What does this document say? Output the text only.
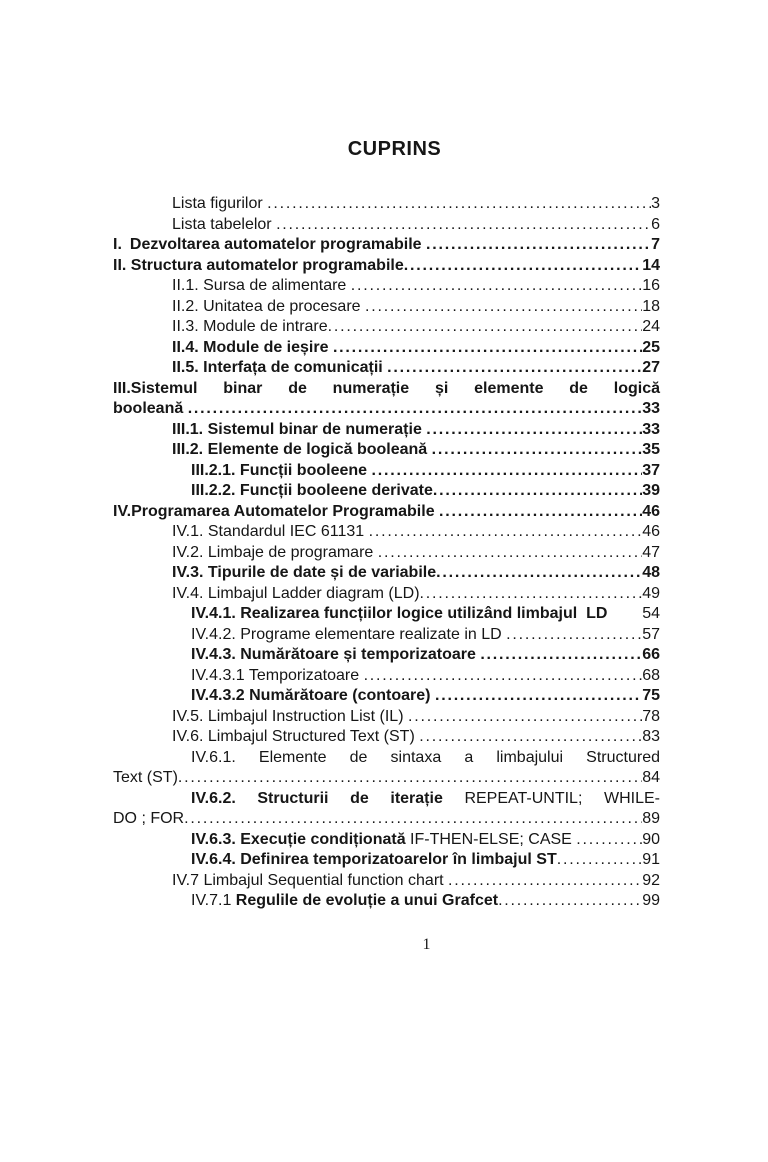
CUPRINS
Lista figurilor .....	3
Lista tabelelor .....	6
I. Dezvoltarea automatelor programabile .....	7
II. Structura automatelor programabile .....	14
II.1. Sursa de alimentare .....	16
II.2. Unitatea de procesare .....	18
II.3. Module de intrare .....	24
II.4. Module de ieșire .....	25
II.5. Interfața de comunicații .....	27
III.Sistemul binar de numerație și elemente de logică
booleană .....	33
III.1. Sistemul binar de numerație .....	33
III.2. Elemente de logică booleană .....	35
III.2.1. Funcții booleene .....	37
III.2.2. Funcții booleene derivate .....	39
IV.Programarea Automatelor Programabile .....	46
IV.1. Standardul IEC 61131 .....	46
IV.2. Limbaje de programare .....	47
IV.3. Tipurile de date și de variabile .....	48
IV.4. Limbajul Ladder diagram (LD) .....	49
IV.4.1. Realizarea funcțiilor logice utilizând limbajul  LD 54
IV.4.2. Programe elementare realizate in LD .....	57
IV.4.3. Numărătoare și temporizatoare .....	66
IV.4.3.1 Temporizatoare .....	68
IV.4.3.2 Numărătoare (contoare) .....	75
IV.5. Limbajul Instruction List (IL) .....	78
IV.6. Limbajul Structured Text (ST) .....	83
IV.6.1. Elemente de sintaxa a limbajului Structured
Text (ST) .....	84
IV.6.2. Structurii de iterație REPEAT-UNTIL; WHILE-
DO ; FOR .....	89
IV.6.3. Execuție condiționată IF-THEN-ELSE; CASE .....	90
IV.6.4. Definirea temporizatoarelor în limbajul ST .....	91
IV.7 Limbajul Sequential function chart .....	92
IV.7.1 Regulile de evoluție a unui Grafcet .....	99
1
